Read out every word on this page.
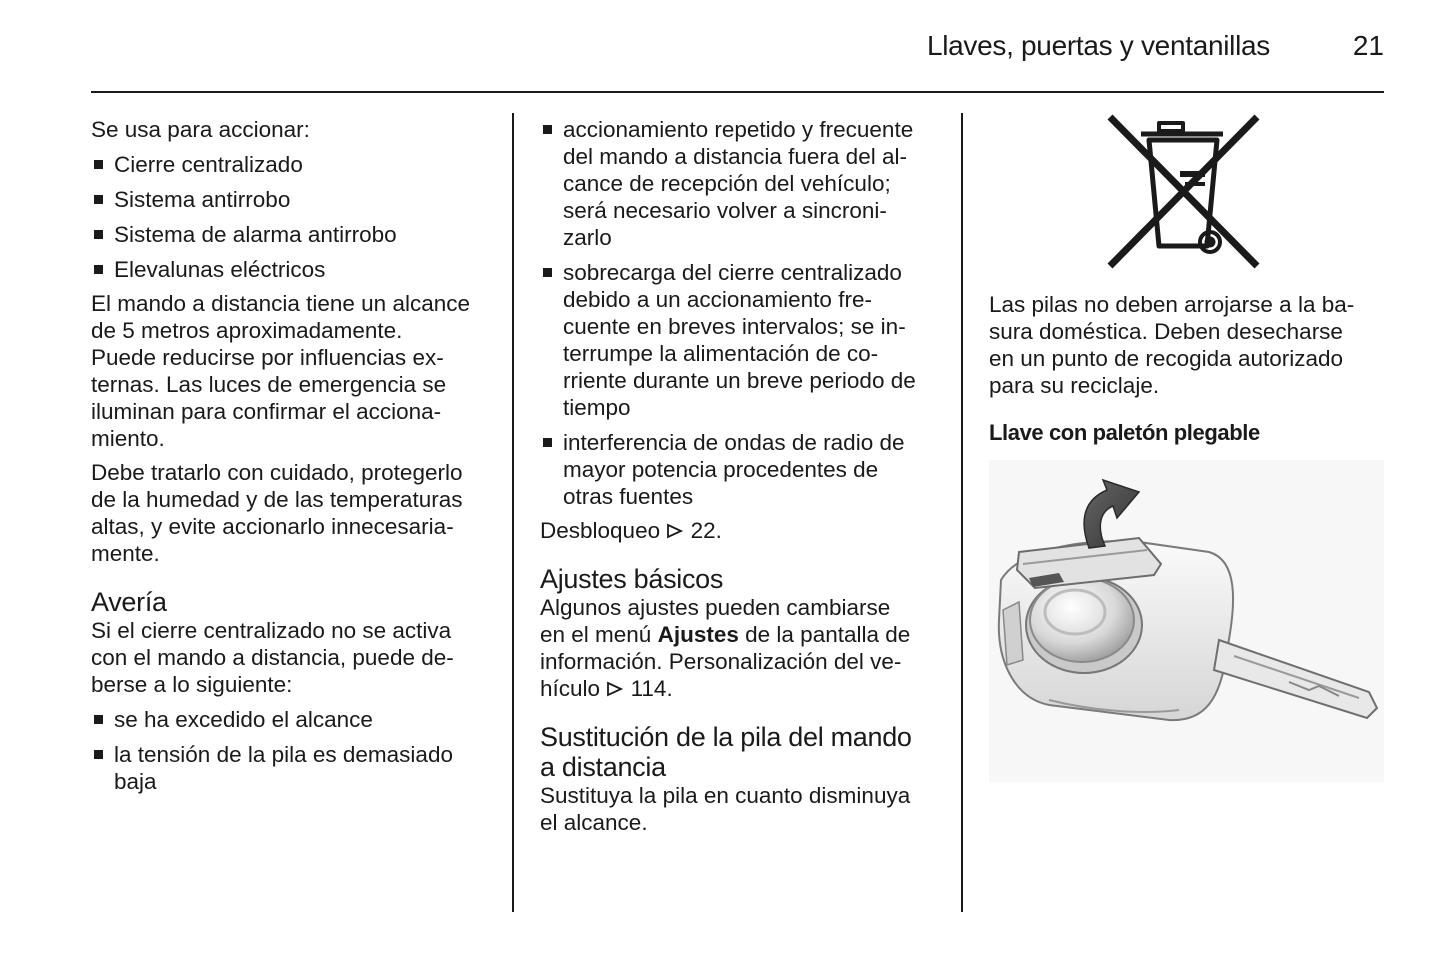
Llaves, puertas y ventanillas	21

Se usa para accionar:

Cierre centralizado
Sistema antirrobo
Sistema de alarma antirrobo
Elevalunas eléctricos

El mando a distancia tiene un alcance
de 5 metros aproximadamente.
Puede reducirse por influencias ex-
ternas. Las luces de emergencia se
iluminan para confirmar el acciona-
miento.

Debe tratarlo con cuidado, protegerlo
de la humedad y de las temperaturas
altas, y evite accionarlo innecesaria-
mente.

Avería

Si el cierre centralizado no se activa
con el mando a distancia, puede de-
berse a lo siguiente:

se ha excedido el alcance
la tensión de la pila es demasiado
baja
accionamiento repetido y frecuente
del mando a distancia fuera del al-
cance de recepción del vehículo;
será necesario volver a sincroni-
zarlo
sobrecarga del cierre centralizado
debido a un accionamiento fre-
cuente en breves intervalos; se in-
terrumpe la alimentación de co-
rriente durante un breve periodo de
tiempo
interferencia de ondas de radio de
mayor potencia procedentes de
otras fuentes

Desbloqueo 22.

Ajustes básicos

Algunos ajustes pueden cambiarse
en el menú Ajustes de la pantalla de
información. Personalización del ve-
hículo 114.

Sustitución de la pila del mando
a distancia

Sustituya la pila en cuanto disminuya
el alcance.

Las pilas no deben arrojarse a la ba-
sura doméstica. Deben desecharse
en un punto de recogida autorizado
para su reciclaje.

Llave con paletón plegable
